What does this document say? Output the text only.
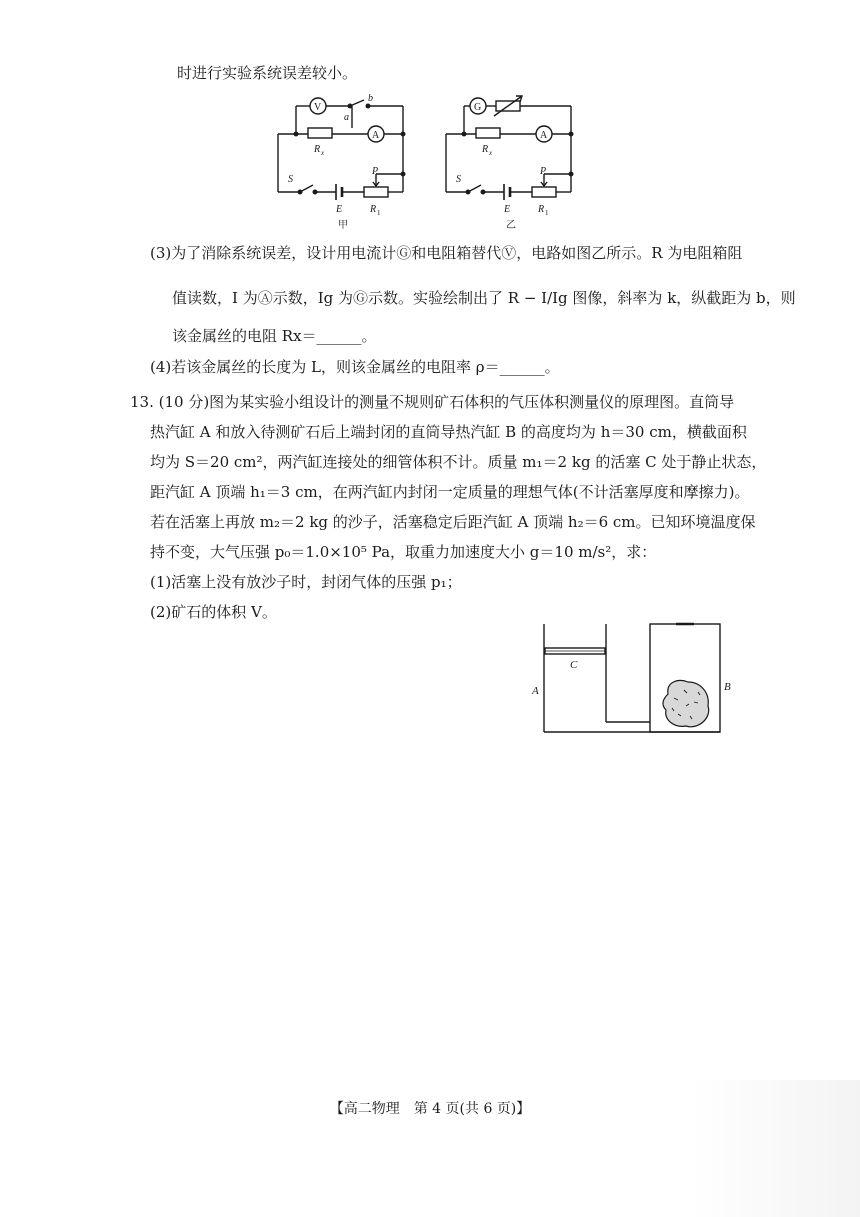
时进行实验系统误差较小。
V
A
a
b
R x
S
P
E	R 1
甲
G
A
R x
S
P
E	R 1
乙
(3)为了消除系统误差，设计用电流计Ⓖ和电阻箱替代Ⓥ，电路如图乙所示。R 为电阻箱阻
值读数，I 为Ⓐ示数，Ig 为Ⓖ示数。实验绘制出了 R − I/Ig 图像，斜率为 k，纵截距为 b，则
该金属丝的电阻 Rx＝______。
(4)若该金属丝的长度为 L，则该金属丝的电阻率 ρ＝______。
13. (10 分)图为某实验小组设计的测量不规则矿石体积的气压体积测量仪的原理图。直筒导
热汽缸 A 和放入待测矿石后上端封闭的直筒导热汽缸 B 的高度均为 h＝30 cm，横截面积
均为 S＝20 cm²，两汽缸连接处的细管体积不计。质量 m₁＝2 kg 的活塞 C 处于静止状态，
距汽缸 A 顶端 h₁＝3 cm，在两汽缸内封闭一定质量的理想气体(不计活塞厚度和摩擦力)。
若在活塞上再放 m₂＝2 kg 的沙子，活塞稳定后距汽缸 A 顶端 h₂＝6 cm。已知环境温度保
持不变，大气压强 p₀＝1.0×10⁵ Pa，取重力加速度大小 g＝10 m/s²，求：
(1)活塞上没有放沙子时，封闭气体的压强 p₁；
(2)矿石的体积 V。
A
C
B
【高二物理　第 4 页(共 6 页)】
